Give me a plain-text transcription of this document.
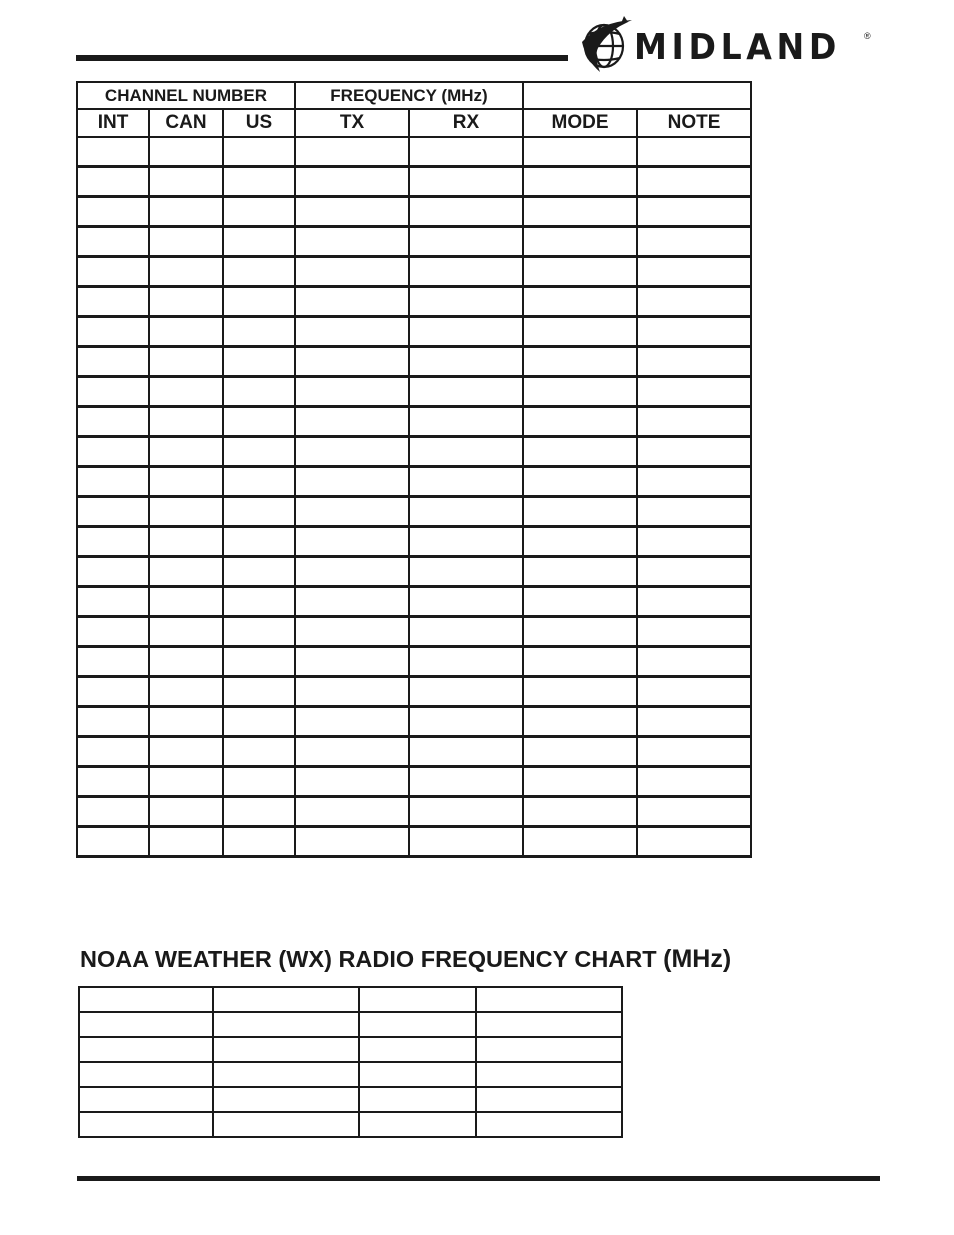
MIDLAND	®
CHANNEL NUMBER			FREQUENCY (MHz)			
INT	CAN	US	TX	RX	MODE	NOTE

NOAA WEATHER (WX) RADIO FREQUENCY CHART (MHz)
